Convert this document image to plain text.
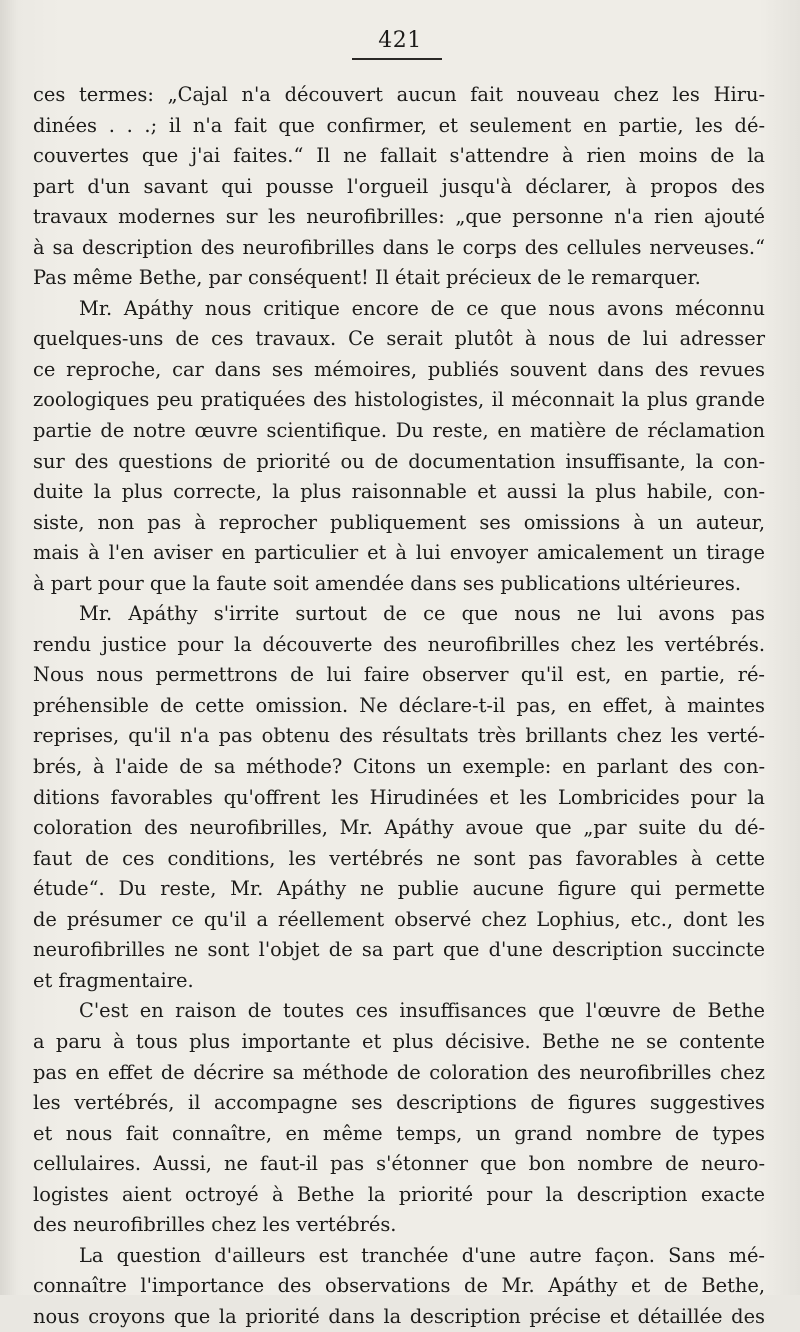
421
ces termes: „Cajal n'a découvert aucun fait nouveau chez les Hiru-
dinées . . .; il n'a fait que confirmer, et seulement en partie, les dé-
couvertes que j'ai faites.“ Il ne fallait s'attendre à rien moins de la
part d'un savant qui pousse l'orgueil jusqu'à déclarer, à propos des
travaux modernes sur les neurofibrilles: „que personne n'a rien ajouté
à sa description des neurofibrilles dans le corps des cellules nerveuses.“
Pas même Bethe, par conséquent! Il était précieux de le remarquer.
Mr. Apáthy nous critique encore de ce que nous avons méconnu
quelques-uns de ces travaux. Ce serait plutôt à nous de lui adresser
ce reproche, car dans ses mémoires, publiés souvent dans des revues
zoologiques peu pratiquées des histologistes, il méconnait la plus grande
partie de notre œuvre scientifique. Du reste, en matière de réclamation
sur des questions de priorité ou de documentation insuffisante, la con-
duite la plus correcte, la plus raisonnable et aussi la plus habile, con-
siste, non pas à reprocher publiquement ses omissions à un auteur,
mais à l'en aviser en particulier et à lui envoyer amicalement un tirage
à part pour que la faute soit amendée dans ses publications ultérieures.
Mr. Apáthy s'irrite surtout de ce que nous ne lui avons pas
rendu justice pour la découverte des neurofibrilles chez les vertébrés.
Nous nous permettrons de lui faire observer qu'il est, en partie, ré-
préhensible de cette omission. Ne déclare-t-il pas, en effet, à maintes
reprises, qu'il n'a pas obtenu des résultats très brillants chez les verté-
brés, à l'aide de sa méthode? Citons un exemple: en parlant des con-
ditions favorables qu'offrent les Hirudinées et les Lombricides pour la
coloration des neurofibrilles, Mr. Apáthy avoue que „par suite du dé-
faut de ces conditions, les vertébrés ne sont pas favorables à cette
étude“. Du reste, Mr. Apáthy ne publie aucune figure qui permette
de présumer ce qu'il a réellement observé chez Lophius, etc., dont les
neurofibrilles ne sont l'objet de sa part que d'une description succincte
et fragmentaire.
C'est en raison de toutes ces insuffisances que l'œuvre de Bethe
a paru à tous plus importante et plus décisive. Bethe ne se contente
pas en effet de décrire sa méthode de coloration des neurofibrilles chez
les vertébrés, il accompagne ses descriptions de figures suggestives
et nous fait connaître, en même temps, un grand nombre de types
cellulaires. Aussi, ne faut-il pas s'étonner que bon nombre de neuro-
logistes aient octroyé à Bethe la priorité pour la description exacte
des neurofibrilles chez les vertébrés.
La question d'ailleurs est tranchée d'une autre façon. Sans mé-
connaître l'importance des observations de Mr. Apáthy et de Bethe,
nous croyons que la priorité dans la description précise et détaillée des
